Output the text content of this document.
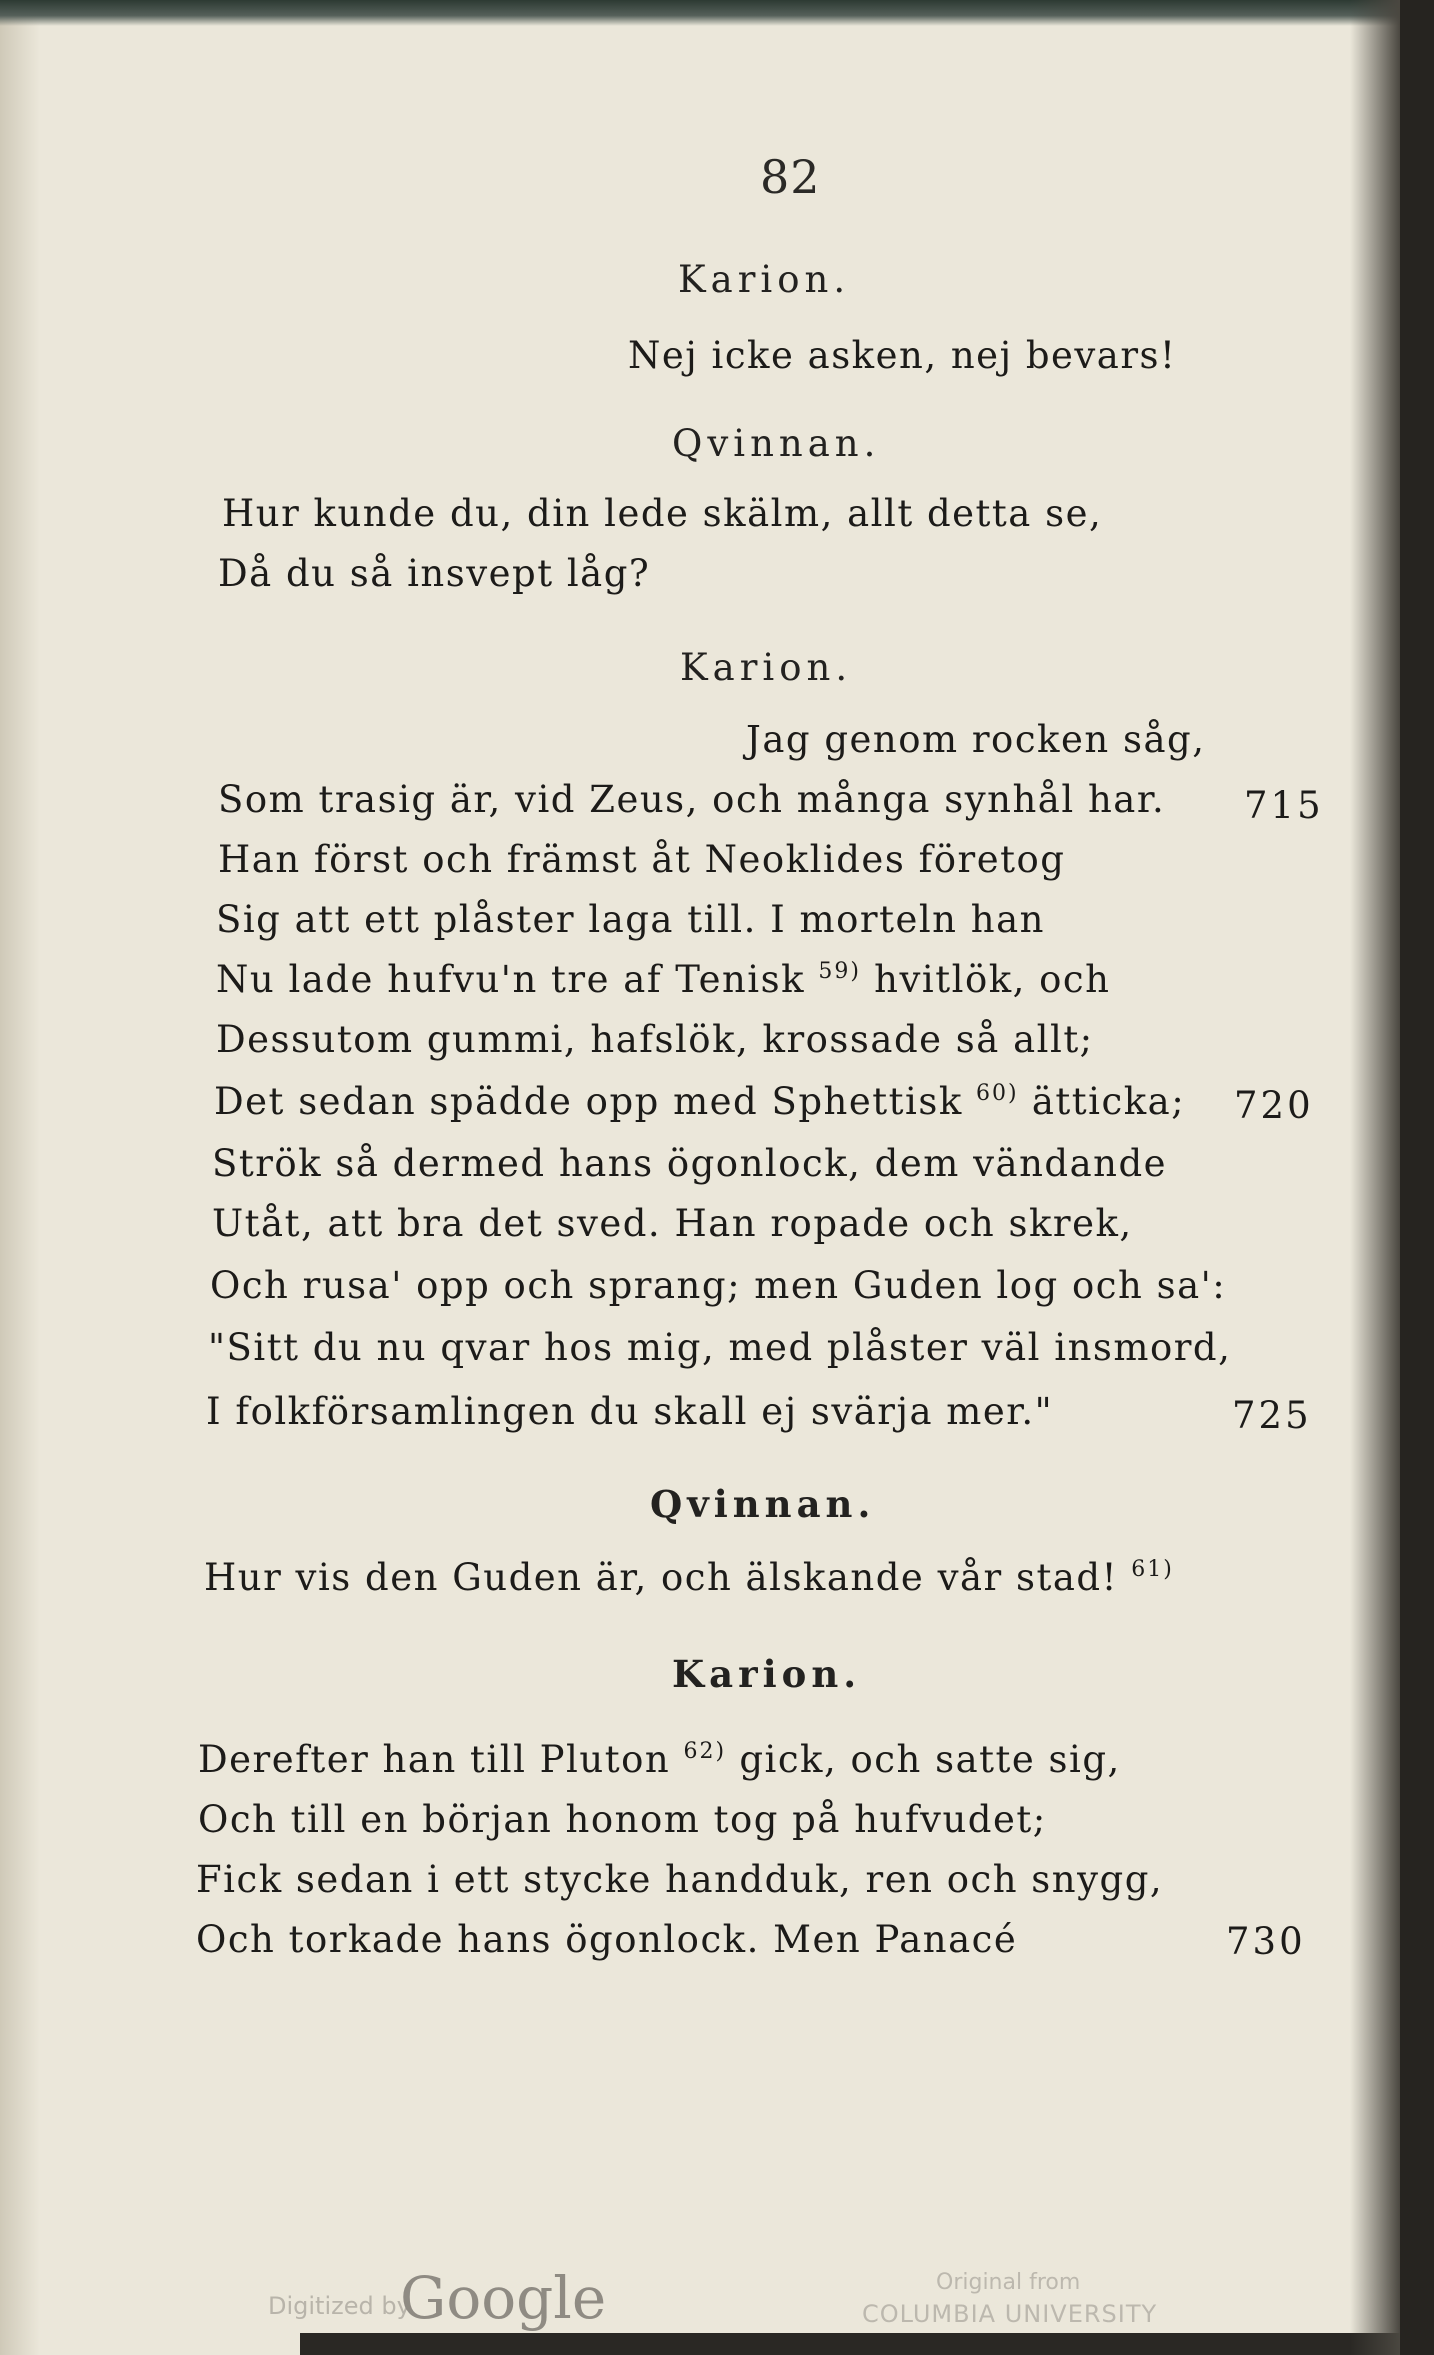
82
Karion.
Nej icke asken, nej bevars!
Qvinnan.
Hur kunde du, din lede skälm, allt detta se,
Då du så insvept låg?
Karion.
Jag genom rocken såg,
Som trasig är, vid Zeus, och många synhål har. 715
Han först och främst åt Neoklides företog
Sig att ett plåster laga till. I morteln han
Nu lade hufvu'n tre af Tenisk $^{59)}$ hvitlök, och
Dessutom gummi, hafslök, krossade så allt;
Det sedan spädde opp med Sphettisk $^{60)}$ ätticka; 720
Strök så dermed hans ögonlock, dem vändande
Utåt, att bra det sved. Han ropade och skrek,
Och rusa' opp och sprang; men Guden log och sa':
"Sitt du nu qvar hos mig, med plåster väl insmord,
I folkförsamlingen du skall ej svärja mer."	725
Qvinnan.
Hur vis den Guden är, och älskande vår stad! $^{61)}$
Karion.
Derefter han till Pluton $^{62)}$ gick, och satte sig,
Och till en början honom tog på hufvudet;
Fick sedan i ett stycke handduk, ren och snygg,
Och torkade hans ögonlock. Men Panacé	730
Digitized by
Google	Original from
COLUMBIA UNIVERSITY
